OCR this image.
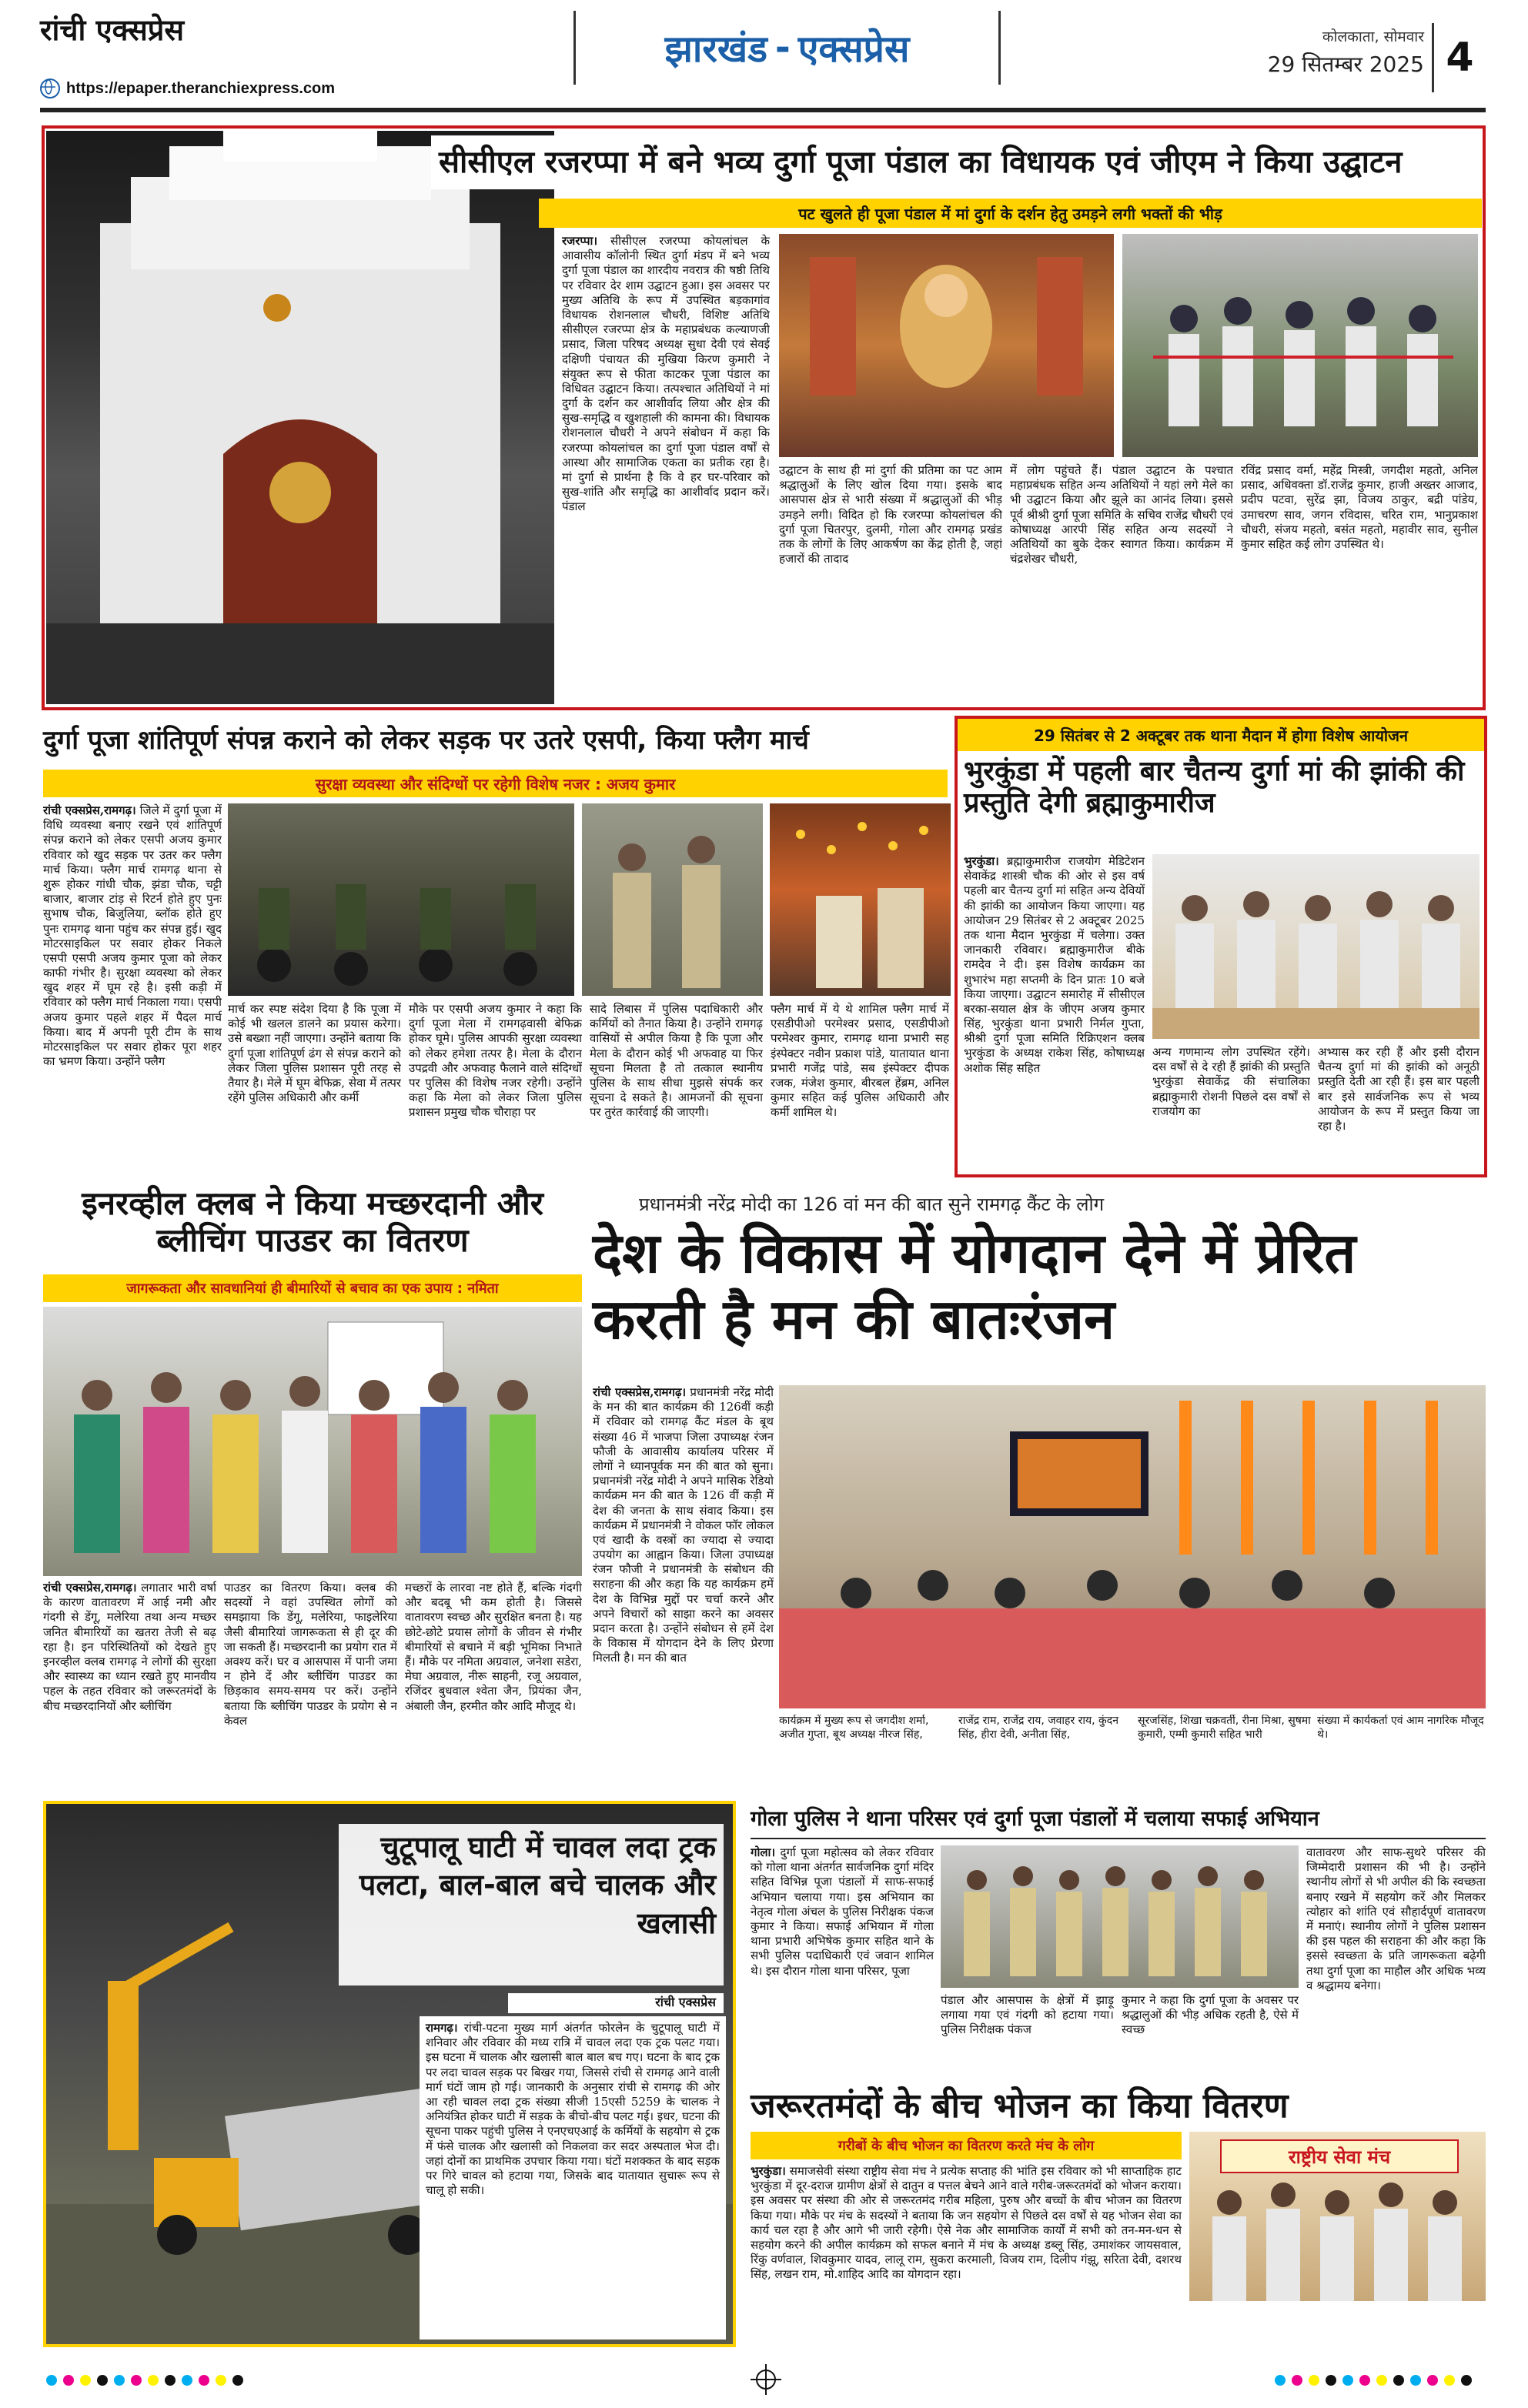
रांची एक्सप्रेस
https://epaper.theranchiexpress.com
झारखंड - एक्सप्रेस	कोलकाता, सोमवार
29 सितम्बर 2025 4
सीसीएल रजरप्पा में बने भव्य दुर्गा पूजा पंडाल का विधायक एवं जीएम ने किया उद्घाटन
पट खुलते ही पूजा पंडाल में मां दुर्गा के दर्शन हेतु उमड़ने लगी भक्तों की भीड़
रजरप्पा। सीसीएल रजरप्पा कोयलांचल के आवासीय कॉलोनी स्थित दुर्गा मंडप में बने भव्य दुर्गा पूजा पंडाल का शारदीय नवरात्र की षष्ठी तिथि पर रविवार देर शाम उद्घाटन हुआ। इस अवसर पर मुख्य अतिथि के रूप में उपस्थित बड़कागांव विधायक रोशनलाल चौधरी, विशिष्ट अतिथि सीसीएल रजरप्पा क्षेत्र के महाप्रबंधक कल्याणजी प्रसाद, जिला परिषद अध्यक्ष सुधा देवी एवं सेवई दक्षिणी पंचायत की मुखिया किरण कुमारी ने संयुक्त रूप से फीता काटकर पूजा पंडाल का विधिवत उद्घाटन किया। तत्पश्चात अतिथियों ने मां दुर्गा के दर्शन कर आशीर्वाद लिया और क्षेत्र की सुख-समृद्धि व खुशहाली की कामना की। विधायक रोशनलाल चौधरी ने अपने संबोधन में कहा कि रजरप्पा कोयलांचल का दुर्गा पूजा पंडाल वर्षों से आस्था और सामाजिक एकता का प्रतीक रहा है। मां दुर्गा से प्रार्थना है कि वे हर घर-परिवार को सुख-शांति और समृद्धि का आशीर्वाद प्रदान करें। पंडाल
उद्घाटन के साथ ही मां दुर्गा की प्रतिमा का पट आम श्रद्धालुओं के लिए खोल दिया गया। इसके बाद आसपास क्षेत्र से भारी संख्या में श्रद्धालुओं की भीड़ उमड़ने लगी। विदित हो कि रजरप्पा कोयलांचल की दुर्गा पूजा चितरपुर, दुलमी, गोला और रामगढ़ प्रखंड तक के लोगों के लिए आकर्षण का केंद्र होती है, जहां हजारों की तादाद
में लोग पहुंचते हैं। पंडाल उद्घाटन के पश्चात महाप्रबंधक सहित अन्य अतिथियों ने यहां लगे मेले का भी उद्घाटन किया और झूले का आनंद लिया। इससे पूर्व श्रीश्री दुर्गा पूजा समिति के सचिव राजेंद्र चौधरी एवं कोषाध्यक्ष आरपी सिंह सहित अन्य सदस्यों ने अतिथियों का बुके देकर स्वागत किया। कार्यक्रम में चंद्रशेखर चौधरी,
रविंद्र प्रसाद वर्मा, महेंद्र मिस्त्री, जगदीश महतो, अनिल प्रसाद, अधिवक्ता डॉ.राजेंद्र कुमार, हाजी अख्तर आजाद, प्रदीप पटवा, सुरेंद्र झा, विजय ठाकुर, बद्री पांडेय, उमाचरण साव, जगन रविदास, चरित राम, भानुप्रकाश चौधरी, संजय महतो, बसंत महतो, महावीर साव, सुनील कुमार सहित कई लोग उपस्थित थे।
दुर्गा पूजा शांतिपूर्ण संपन्न कराने को लेकर सड़क पर उतरे एसपी, किया फ्लैग मार्च
सुरक्षा व्यवस्था और संदिग्धों पर रहेगी विशेष नजर : अजय कुमार
रांची एक्सप्रेस,रामगढ़। जिले में दुर्गा पूजा में विधि व्यवस्था बनाए रखने एवं शांतिपूर्ण संपन्न कराने को लेकर एसपी अजय कुमार रविवार को खुद सड़क पर उतर कर फ्लैग मार्च किया। फ्लैग मार्च रामगढ़ थाना से शुरू होकर गांधी चौक, झंडा चौक, चट्टी बाजार, बाजार टांड़ से रिटर्न होते हुए पुनः सुभाष चौक, बिजुलिया, ब्लॉक होते हुए पुनः रामगढ़ थाना पहुंच कर संपन्न हुई। खुद मोटरसाइकिल पर सवार होकर निकले एसपी एसपी अजय कुमार पूजा को लेकर काफी गंभीर है। सुरक्षा व्यवस्था को लेकर खुद शहर में घूम रहे है। इसी कड़ी में रविवार को फ्लैग मार्च निकाला गया। एसपी अजय कुमार पहले शहर में पैदल मार्च किया। बाद में अपनी पूरी टीम के साथ मोटरसाइकिल पर सवार होकर पूरा शहर का भ्रमण किया। उन्होंने फ्लैग
मार्च कर स्पष्ट संदेश दिया है कि पूजा में कोई भी खलल डालने का प्रयास करेगा। उसे बख्शा नहीं जाएगा। उन्होंने बताया कि दुर्गा पूजा शांतिपूर्ण ढंग से संपन्न कराने को लेकर जिला पुलिस प्रशासन पूरी तरह से तैयार है। मेले में घूम बेफिक्र, सेवा में तत्पर रहेंगे पुलिस अधिकारी और कर्मी
मौके पर एसपी अजय कुमार ने कहा कि दुर्गा पूजा मेला में रामगढ़वासी बेफिक्र होकर घूमे। पुलिस आपकी सुरक्षा व्यवस्था को लेकर हमेशा तत्पर है। मेला के दौरान उपद्रवी और अफवाह फैलाने वाले संदिग्धों पर पुलिस की विशेष नजर रहेगी। उन्होंने कहा कि मेला को लेकर जिला पुलिस प्रशासन प्रमुख चौक चौराहा पर
सादे लिबास में पुलिस पदाधिकारी और कर्मियों को तैनात किया है। उन्होंने रामगढ़ वासियों से अपील किया है कि पूजा और मेला के दौरान कोई भी अफवाह या फिर सूचना मिलता है तो तत्काल स्थानीय पुलिस के साथ सीधा मुझसे संपर्क कर सूचना दे सकते है। आमजनों की सूचना पर तुरंत कार्रवाई की जाएगी।
फ्लैग मार्च में ये थे शामिल फ्लैग मार्च में एसडीपीओ परमेश्वर प्रसाद, एसडीपीओ परमेश्वर कुमार, रामगढ़ थाना प्रभारी सह इंस्पेक्टर नवीन प्रकाश पांडे, यातायात थाना प्रभारी गजेंद्र पांडे, सब इंस्पेक्टर दीपक रजक, मंजेश कुमार, बीरबल हेंब्रम, अनिल कुमार सहित कई पुलिस अधिकारी और कर्मी शामिल थे।
29 सितंबर से 2 अक्टूबर तक थाना मैदान में होगा विशेष आयोजन
भुरकुंडा में पहली बार चैतन्य दुर्गा मां की झांकी की प्रस्तुति देगी ब्रह्माकुमारीज
भुरकुंडा। ब्रह्माकुमारीज राजयोग मेडिटेशन सेवाकेंद्र शास्त्री चौक की ओर से इस वर्ष पहली बार चैतन्य दुर्गा मां सहित अन्य देवियों की झांकी का आयोजन किया जाएगा। यह आयोजन 29 सितंबर से 2 अक्टूबर 2025 तक थाना मैदान भुरकुंडा में चलेगा। उक्त जानकारी रविवार। ब्रह्माकुमारीज बीके रामदेव ने दी। इस विशेष कार्यक्रम का शुभारंभ महा सप्तमी के दिन प्रातः 10 बजे किया जाएगा। उद्घाटन समारोह में सीसीएल बरका-सयाल क्षेत्र के जीएम अजय कुमार सिंह, भुरकुंडा थाना प्रभारी निर्मल गुप्ता, श्रीश्री दुर्गा पूजा समिति रिक्रिएशन क्लब भुरकुंडा के अध्यक्ष राकेश सिंह, कोषाध्यक्ष अशोक सिंह सहित
अन्य गणमान्य लोग उपस्थित रहेंगे। दस वर्षों से दे रही हैं झांकी की प्रस्तुति भुरकुंडा सेवाकेंद्र की संचालिका ब्रह्माकुमारी रोशनी पिछले दस वर्षों से राजयोग का
अभ्यास कर रही हैं और इसी दौरान चैतन्य दुर्गा मां की झांकी को अनूठी प्रस्तुति देती आ रही हैं। इस बार पहली बार इसे सार्वजनिक रूप से भव्य आयोजन के रूप में प्रस्तुत किया जा रहा है।
इनरव्हील क्लब ने किया मच्छरदानी और ब्लीचिंग पाउडर का वितरण
जागरूकता और सावधानियां ही बीमारियों से बचाव का एक उपाय : नमिता
रांची एक्सप्रेस,रामगढ़। लगातार भारी वर्षा के कारण वातावरण में आई नमी और गंदगी से डेंगू, मलेरिया तथा अन्य मच्छर जनित बीमारियों का खतरा तेजी से बढ़ रहा है। इन परिस्थितियों को देखते हुए इनरव्हील क्लब रामगढ़ ने लोगों की सुरक्षा और स्वास्थ्य का ध्यान रखते हुए मानवीय पहल के तहत रविवार को जरूरतमंदों के बीच मच्छरदानियों और ब्लीचिंग
पाउडर का वितरण किया। क्लब की सदस्यों ने वहां उपस्थित लोगों को समझाया कि डेंगू, मलेरिया, फाइलेरिया जैसी बीमारियां जागरूकता से ही दूर की जा सकती हैं। मच्छरदानी का प्रयोग रात में अवश्य करें। घर व आसपास में पानी जमा न होने दें और ब्लीचिंग पाउडर का छिड़काव समय-समय पर करें। उन्होंने बताया कि ब्लीचिंग पाउडर के प्रयोग से न केवल
मच्छरों के लारवा नष्ट होते हैं, बल्कि गंदगी और बदबू भी कम होती है। जिससे वातावरण स्वच्छ और सुरक्षित बनता है। यह छोटे-छोटे प्रयास लोगों के जीवन से गंभीर बीमारियों से बचाने में बड़ी भूमिका निभाते हैं। मौके पर नमिता अग्रवाल, जनेशा सडेरा, मेघा अग्रवाल, नीरू साहनी, रजू अग्रवाल, रजिंदर बुधवाल श्वेता जैन, प्रियंका जैन, अंबाली जैन, हरमीत कौर आदि मौजूद थे।
प्रधानमंत्री नरेंद्र मोदी का 126 वां मन की बात सुने रामगढ़ कैंट के लोग
देश के विकास में योगदान देने में प्रेरित करती है मन की बातःरंजन
रांची एक्सप्रेस,रामगढ़। प्रधानमंत्री नरेंद्र मोदी के मन की बात कार्यक्रम की 126वीं कड़ी में रविवार को रामगढ़ कैंट मंडल के बूथ संख्या 46 में भाजपा जिला उपाध्यक्ष रंजन फौजी के आवासीय कार्यालय परिसर में लोगों ने ध्यानपूर्वक मन की बात को सुना। प्रधानमंत्री नरेंद्र मोदी ने अपने मासिक रेडियो कार्यक्रम मन की बात के 126 वीं कड़ी में देश की जनता के साथ संवाद किया। इस कार्यक्रम में प्रधानमंत्री ने वोकल फॉर लोकल एवं खादी के वस्त्रों का ज्यादा से ज्यादा उपयोग का आह्वान किया। जिला उपाध्यक्ष रंजन फौजी ने प्रधानमंत्री के संबोधन की सराहना की और कहा कि यह कार्यक्रम हमें देश के विभिन्न मुद्दों पर चर्चा करने और अपने विचारों को साझा करने का अवसर प्रदान करता है। उन्होंने संबोधन से हमें देश के विकास में योगदान देने के लिए प्रेरणा मिलती है। मन की बात
कार्यक्रम में मुख्य रूप से जगदीश शर्मा, अजीत गुप्ता, बूथ अध्यक्ष नीरज सिंह,
राजेंद्र राम, राजेंद्र राय, जवाहर राय, कुंदन सिंह, हीरा देवी, अनीता सिंह,
सूरजसिंह, शिखा चक्रवर्ती, रीना मिश्रा, सुषमा कुमारी, एम्मी कुमारी सहित भारी
संख्या में कार्यकर्ता एवं आम नागरिक मौजूद थे।
चुटूपालू घाटी में चावल लदा ट्रक पलटा, बाल-बाल बचे चालक और खलासी
रांची एक्सप्रेस
रामगढ़। रांची-पटना मुख्य मार्ग अंतर्गत फोरलेन के चुटूपालू घाटी में शनिवार और रविवार की मध्य रात्रि में चावल लदा एक ट्रक पलट गया। इस घटना में चालक और खलासी बाल बाल बच गए। घटना के बाद ट्रक पर लदा चावल सड़क पर बिखर गया, जिससे रांची से रामगढ़ आने वाली मार्ग घंटों जाम हो गई। जानकारी के अनुसार रांची से रामगढ़ की ओर आ रही चावल लदा ट्रक संख्या सीजी 15एसी 5259 के चालक ने अनियंत्रित होकर घाटी में सड़क के बीचो-बीच पलट गई। इधर, घटना की सूचना पाकर पहुंची पुलिस ने एनएचएआई के कर्मियों के सहयोग से ट्रक में फंसे चालक और खलासी को निकलवा कर सदर अस्पताल भेज दी। जहां दोनों का प्राथमिक उपचार किया गया। घंटों मशक्कत के बाद सड़क पर गिरे चावल को हटाया गया, जिसके बाद यातायात सुचारू रूप से चालू हो सकी।
गोला पुलिस ने थाना परिसर एवं दुर्गा पूजा पंडालों में चलाया सफाई अभियान
गोला। दुर्गा पूजा महोत्सव को लेकर रविवार को गोला थाना अंतर्गत सार्वजनिक दुर्गा मंदिर सहित विभिन्न पूजा पंडालों में साफ-सफाई अभियान चलाया गया। इस अभियान का नेतृत्व गोला अंचल के पुलिस निरीक्षक पंकज कुमार ने किया। सफाई अभियान में गोला थाना प्रभारी अभिषेक कुमार सहित थाने के सभी पुलिस पदाधिकारी एवं जवान शामिल थे। इस दौरान गोला थाना परिसर, पूजा
पंडाल और आसपास के क्षेत्रों में झाड़ू लगाया गया एवं गंदगी को हटाया गया। पुलिस निरीक्षक पंकज
कुमार ने कहा कि दुर्गा पूजा के अवसर पर श्रद्धालुओं की भीड़ अधिक रहती है, ऐसे में स्वच्छ
वातावरण और साफ-सुथरे परिसर की जिम्मेदारी प्रशासन की भी है। उन्होंने स्थानीय लोगों से भी अपील की कि स्वच्छता बनाए रखने में सहयोग करें और मिलकर त्योहार को शांति एवं सौहार्दपूर्ण वातावरण में मनाएं। स्थानीय लोगों ने पुलिस प्रशासन की इस पहल की सराहना की और कहा कि इससे स्वच्छता के प्रति जागरूकता बढ़ेगी तथा दुर्गा पूजा का माहौल और अधिक भव्य व श्रद्धामय बनेगा।
जरूरतमंदों के बीच भोजन का किया वितरण
गरीबों के बीच भोजन का वितरण करते मंच के लोग	राष्ट्रीय सेवा मंच
भुरकुंडा। समाजसेवी संस्था राष्ट्रीय सेवा मंच ने प्रत्येक सप्ताह की भांति इस रविवार को भी साप्ताहिक हाट भुरकुंडा में दूर-दराज ग्रामीण क्षेत्रों से दातुन व पत्तल बेचने आने वाले गरीब-जरूरतमंदों को भोजन कराया। इस अवसर पर संस्था की ओर से जरूरतमंद गरीब महिला, पुरुष और बच्चों के बीच भोजन का वितरण किया गया। मौके पर मंच के सदस्यों ने बताया कि जन सहयोग से पिछले दस वर्षों से यह भोजन सेवा का कार्य चल रहा है और आगे भी जारी रहेगी। ऐसे नेक और सामाजिक कार्यों में सभी को तन-मन-धन से सहयोग करने की अपील कार्यक्रम को सफल बनाने में मंच के अध्यक्ष डब्लू सिंह, उमाशंकर जायसवाल, रिंकु वर्णवाल, शिवकुमार यादव, लालू राम, सुकरा करमाली, विजय राम, दिलीप गंझू, सरिता देवी, दशरथ सिंह, लखन राम, मो.शाहिद आदि का योगदान रहा।
